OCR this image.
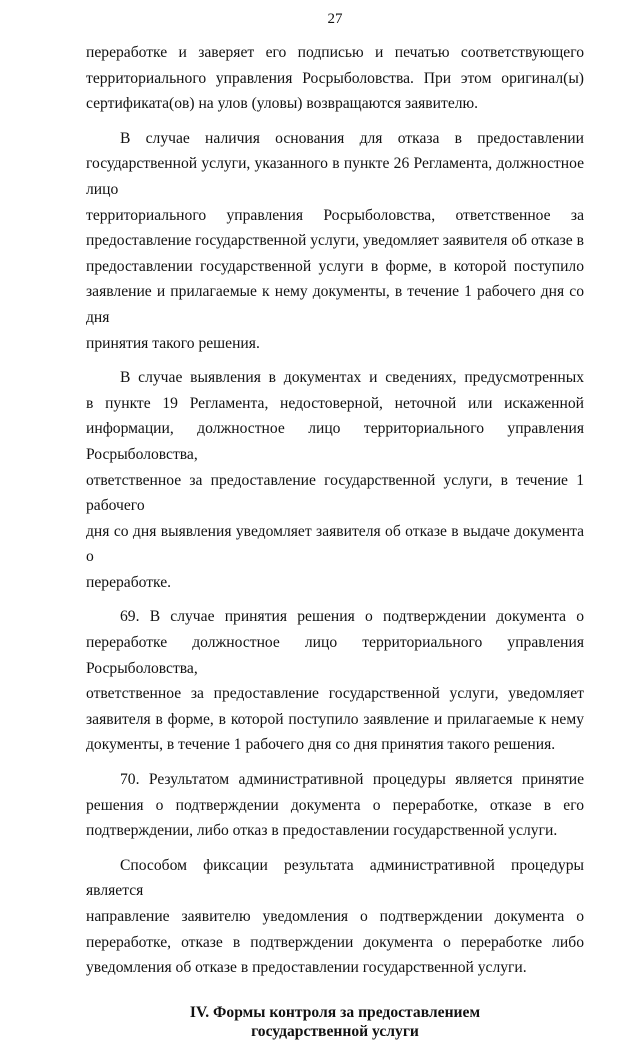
27
переработке и заверяет его подписью и печатью соответствующего
территориального управления Росрыболовства. При этом оригинал(ы)
сертификата(ов) на улов (уловы) возвращаются заявителю.
В случае наличия основания для отказа в предоставлении
государственной услуги, указанного в пункте 26 Регламента, должностное лицо
территориального управления Росрыболовства, ответственное за
предоставление государственной услуги, уведомляет заявителя об отказе в
предоставлении государственной услуги в форме, в которой поступило
заявление и прилагаемые к нему документы, в течение 1 рабочего дня со дня
принятия такого решения.
В случае выявления в документах и сведениях, предусмотренных
в пункте 19 Регламента, недостоверной, неточной или искаженной
информации, должностное лицо территориального управления Росрыболовства,
ответственное за предоставление государственной услуги, в течение 1 рабочего
дня со дня выявления уведомляет заявителя об отказе в выдаче документа о
переработке.
69. В случае принятия решения о подтверждении документа о
переработке должностное лицо территориального управления Росрыболовства,
ответственное за предоставление государственной услуги, уведомляет
заявителя в форме, в которой поступило заявление и прилагаемые к нему
документы, в течение 1 рабочего дня со дня принятия такого решения.
70. Результатом административной процедуры является принятие
решения о подтверждении документа о переработке, отказе в его
подтверждении, либо отказ в предоставлении государственной услуги.
Способом фиксации результата административной процедуры является
направление заявителю уведомления о подтверждении документа о
переработке, отказе в подтверждении документа о переработке либо
уведомления об отказе в предоставлении государственной услуги.
IV. Формы контроля за предоставлением
государственной услуги
